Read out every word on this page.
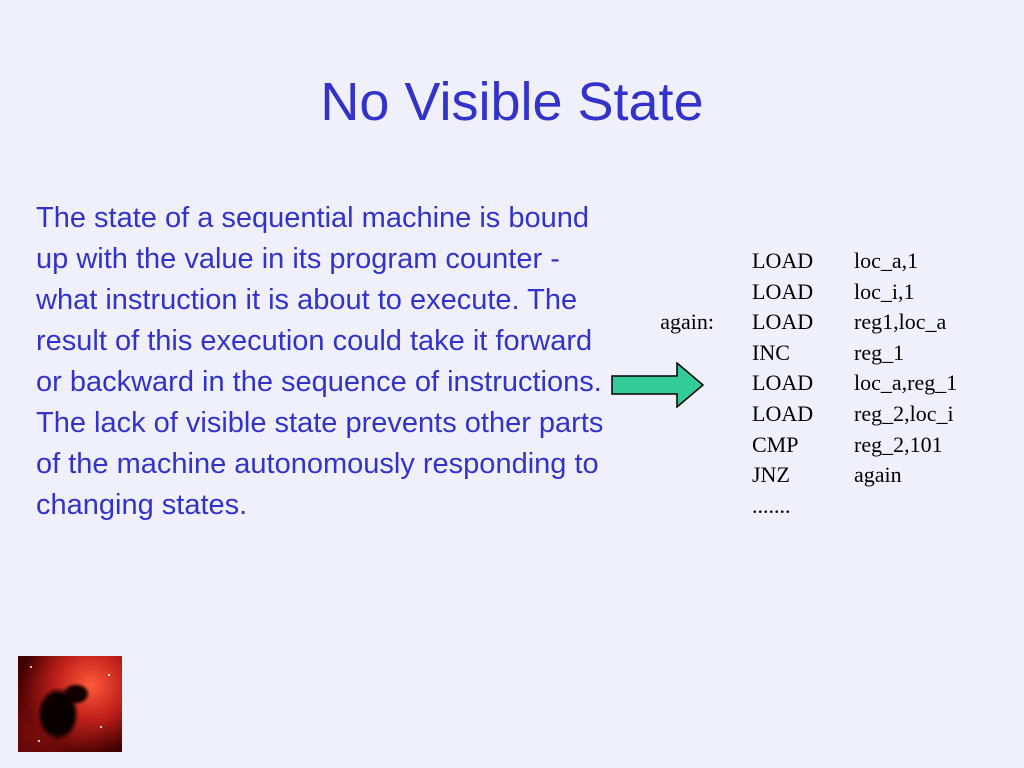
No Visible State

The state of a sequential machine is bound up with the value in its program counter - what instruction it is about to execute. The result of this execution could take it forward or backward in the sequence of instructions.

The lack of visible state prevents other parts of the machine autonomously responding to changing states.

LOAD	loc_a,1
LOAD	loc_i,1
again:	LOAD	reg1,loc_a
INC	reg_1
LOAD	loc_a,reg_1
LOAD	reg_2,loc_i
CMP	reg_2,101
JNZ	again
.......
